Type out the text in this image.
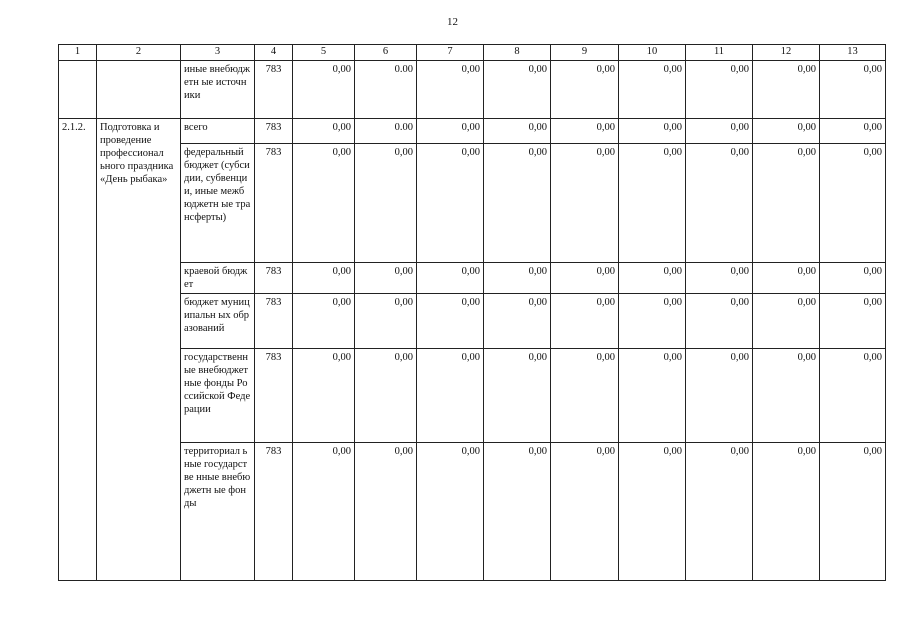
12
1	2	3	4	5	6	7	8	9	10	11	12	13
		иные внебюджетн ые источники	783	0,00	0.00	0,00	0,00	0,00	0,00	0,00	0,00	0,00
2.1.2.	Подготовка и проведение профессионал ьного праздника «День рыбака»	всего	783	0,00	0.00	0,00	0,00	0,00	0,00	0,00	0,00	0,00
		федеральный бюджет (субсидии, субвенции, иные межбюджетн ые трансферты)	783	0,00	0,00	0,00	0,00	0,00	0,00	0,00	0,00	0,00
		краевой бюджет	783	0,00	0,00	0,00	0,00	0,00	0,00	0,00	0,00	0,00
		бюджет муниципальн ых образований	783	0,00	0,00	0,00	0,00	0,00	0,00	0,00	0,00	0,00
		государственные внебюджетные фонды Российской Федерации	783	0,00	0,00	0,00	0,00	0,00	0,00	0,00	0,00	0,00
		территориал ьные государстве нные внебюджетн ые фонды	783	0,00	0,00	0,00	0,00	0,00	0,00	0,00	0,00	0,00
